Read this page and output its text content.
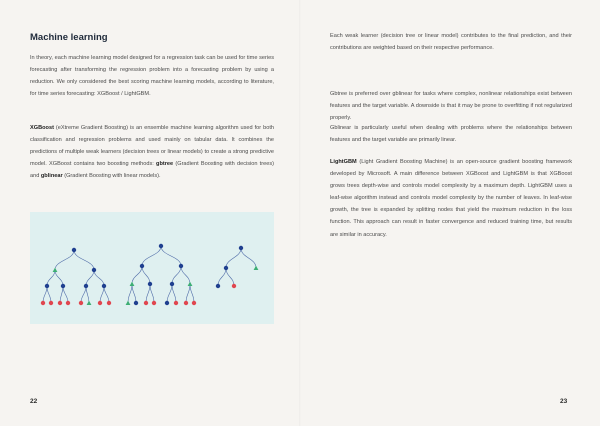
Machine learning

In theory, each machine learning model designed for a regression task can be used for time series forecasting after transforming the regression problem into a forecasting problem by using a reduction. We only considered the best scoring machine learning models, according to literature, for time series forecasting: XGBoost / LightGBM.

XGBoost (eXtreme Gradient Boosting) is an ensemble machine learning algorithm used for both classification and regression problems and used mainly on tabular data. It combines the predictions of multiple weak learners (decision trees or linear models) to create a strong predictive model. XGBoost contains two boosting methods: gbtree (Gradient Boosting with decision trees) and gblinear (Gradient Boosting with linear models).

22

Each weak learner (decision tree or linear model) contributes to the final prediction, and their contributions are weighted based on their respective performance.

Gbtree is preferred over gblinear for tasks where complex, nonlinear relationships exist between features and the target variable. A downside is that it may be prone to overfitting if not regularized properly.

Gblinear is particularly useful when dealing with problems where the relationships between features and the target variable are primarily linear.

LightGBM (Light Gradient Boosting Machine) is an open-source gradient boosting framework developed by Microsoft. A main difference between XGBoost and LightGBM is that XGBoost grows trees depth-wise and controls model complexity by a maximum depth. LightGBM uses a leaf-wise algorithm instead and controls model complexity by the number of leaves. In leaf-wise growth, the tree is expanded by splitting nodes that yield the maximum reduction in the loss function. This approach can result in faster convergence and reduced training time, but results are similar in accuracy.

23
